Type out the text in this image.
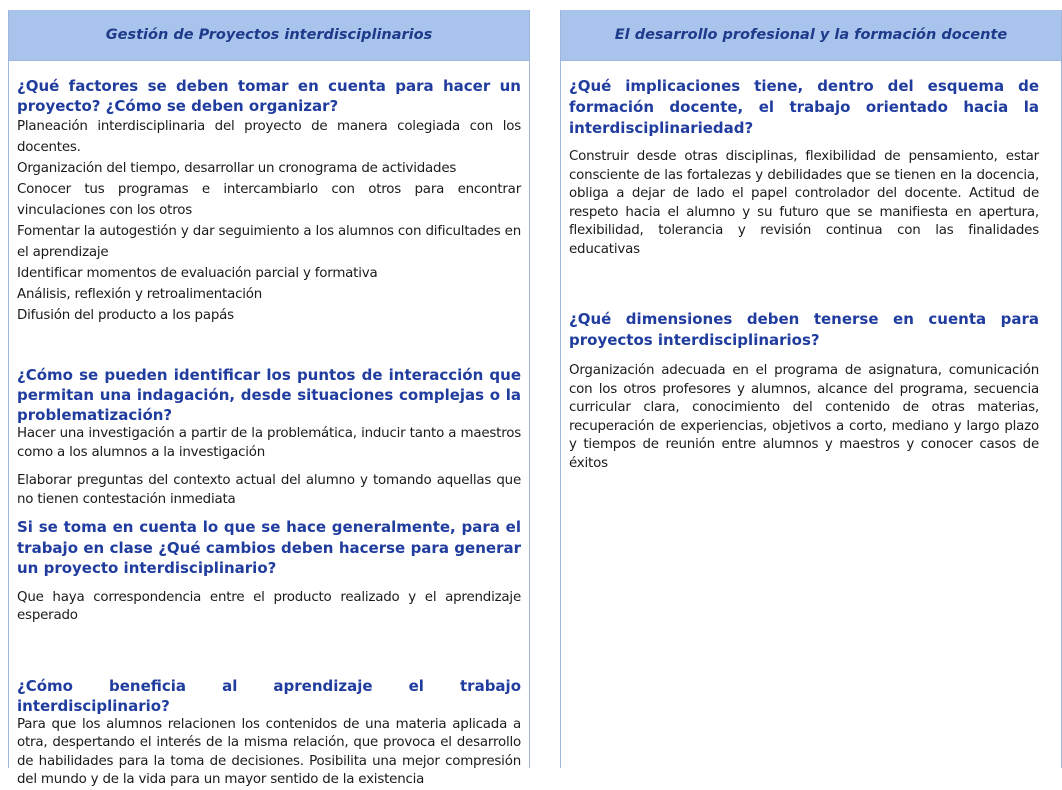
Gestión de Proyectos interdisciplinarios

¿Qué factores se deben tomar en cuenta para hacer un proyecto? ¿Cómo se deben organizar?

Planeación interdisciplinaria del proyecto de manera colegiada con los docentes.

Organización del tiempo, desarrollar un cronograma de actividades

Conocer tus programas e intercambiarlo con otros para encontrar vinculaciones con los otros

Fomentar la autogestión y dar seguimiento a los alumnos con dificultades en el aprendizaje

Identificar momentos de evaluación parcial y formativa

Análisis, reflexión y retroalimentación

Difusión del producto a los papás

¿Cómo se pueden identificar los puntos de interacción que permitan una indagación, desde situaciones complejas o la problematización?

Hacer una investigación a partir de la problemática, inducir tanto a maestros como a los alumnos a la investigación

Elaborar preguntas del contexto actual del alumno y tomando aquellas que no tienen contestación inmediata

Si se toma en cuenta lo que se hace generalmente, para el trabajo en clase ¿Qué cambios deben hacerse para generar un proyecto interdisciplinario?

Que haya correspondencia entre el producto realizado y el aprendizaje esperado

¿Cómo beneficia al aprendizaje el trabajo interdisciplinario?

Para que los alumnos relacionen los contenidos de una materia aplicada a otra, despertando el interés de la misma relación, que provoca el desarrollo de habilidades para la toma de decisiones. Posibilita una mejor compresión del mundo y de la vida para un mayor sentido de la existencia

El desarrollo profesional y la formación docente

¿Qué implicaciones tiene, dentro del esquema de formación docente, el trabajo orientado hacia la interdisciplinariedad?

Construir desde otras disciplinas, flexibilidad de pensamiento, estar consciente de las fortalezas y debilidades que se tienen en la docencia, obliga a dejar de lado el papel controlador del docente. Actitud de respeto hacia el alumno y su futuro que se manifiesta en apertura, flexibilidad, tolerancia y revisión continua con las finalidades educativas

¿Qué dimensiones deben tenerse en cuenta para proyectos interdisciplinarios?

Organización adecuada en el programa de asignatura, comunicación con los otros profesores y alumnos, alcance del programa, secuencia curricular clara, conocimiento del contenido de otras materias, recuperación de experiencias, objetivos a corto, mediano y largo plazo y tiempos de reunión entre alumnos y maestros y conocer casos de éxitos
